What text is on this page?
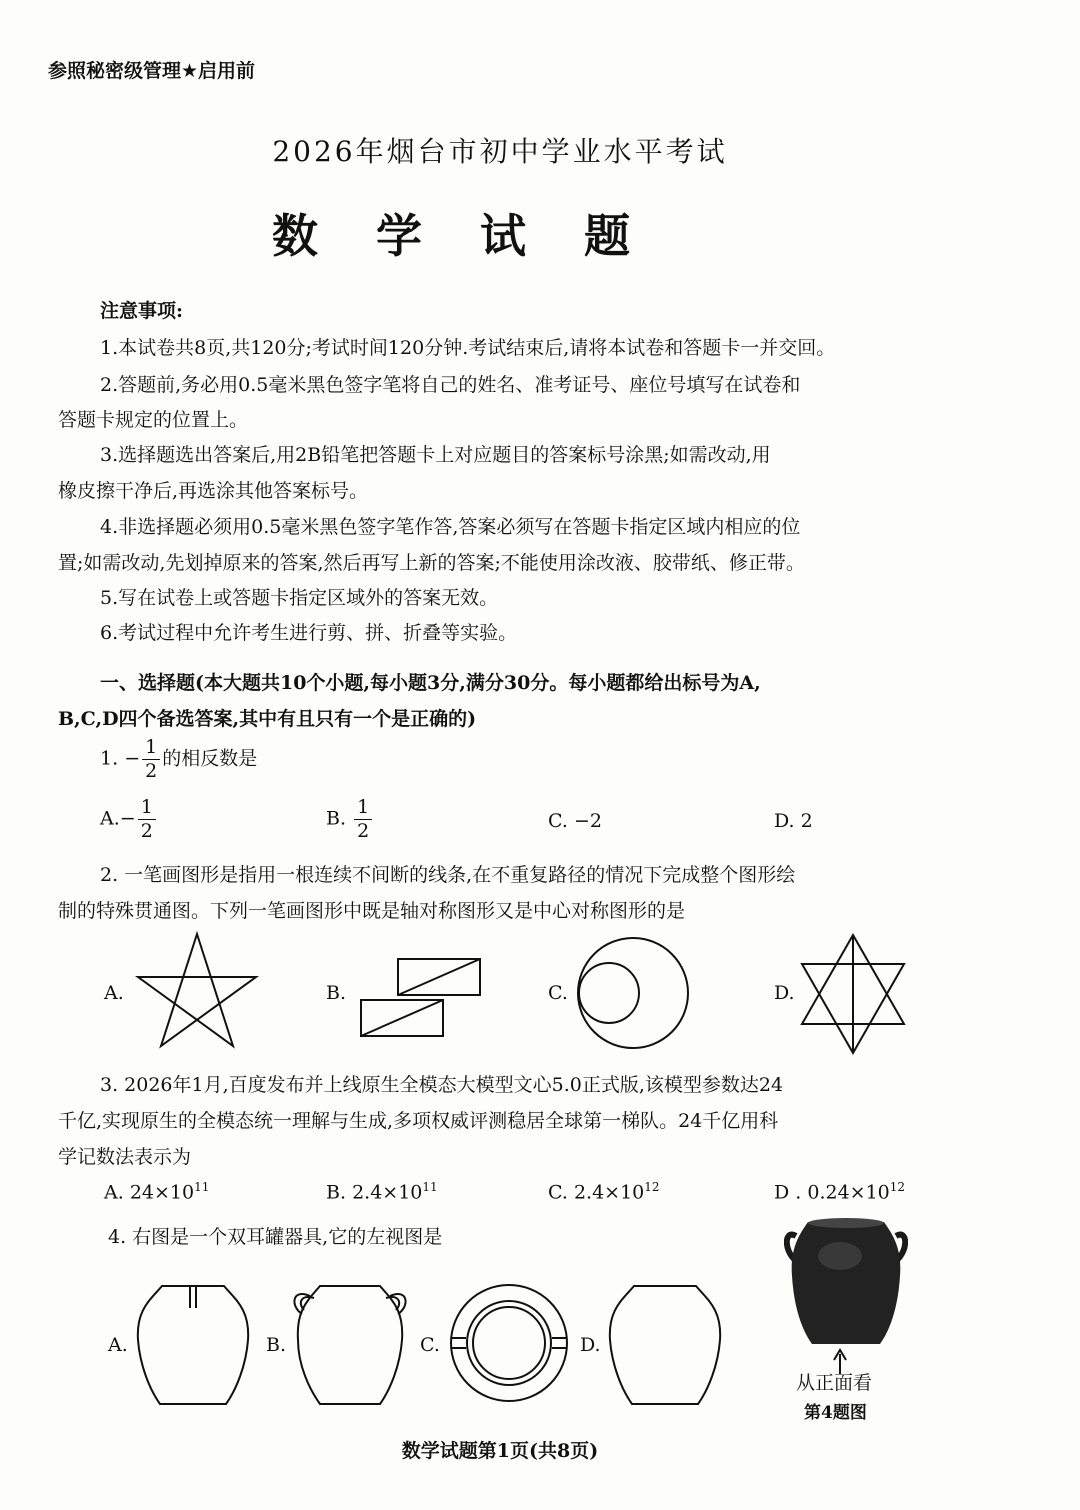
参照秘密级管理★启用前
2026年烟台市初中学业水平考试
数学试题
注意事项:
1.本试卷共8页,共120分;考试时间120分钟.考试结束后,请将本试卷和答题卡一并交回。
2.答题前,务必用0.5毫米黑色签字笔将自己的姓名、准考证号、座位号填写在试卷和
答题卡规定的位置上。
3.选择题选出答案后,用2B铅笔把答题卡上对应题目的答案标号涂黑;如需改动,用
橡皮擦干净后,再选涂其他答案标号。
4.非选择题必须用0.5毫米黑色签字笔作答,答案必须写在答题卡指定区域内相应的位
置;如需改动,先划掉原来的答案,然后再写上新的答案;不能使用涂改液、胶带纸、修正带。
5.写在试卷上或答题卡指定区域外的答案无效。
6.考试过程中允许考生进行剪、拼、折叠等实验。
一、选择题(本大题共10个小题,每小题3分,满分30分。每小题都给出标号为A,
B,C,D四个备选答案,其中有且只有一个是正确的)
1. − $\frac{1}{2}$ 的相反数是
$A.- \frac{1}{2}$	B. $\frac{1}{2}$	C. −2	D. 2
2. 一笔画图形是指用一根连续不间断的线条,在不重复路径的情况下完成整个图形绘
制的特殊贯通图。下列一笔画图形中既是轴对称图形又是中心对称图形的是
A.	B.	C.	D.
3. 2026年1月,百度发布并上线原生全模态大模型文心5.0正式版,该模型参数达24
千亿,实现原生的全模态统一理解与生成,多项权威评测稳居全球第一梯队。24千亿用科
学记数法表示为
A. $24\times 10^{11}$	B. $2.4\times 10^{11}$	C. $2.4\times 10^{12}$	D . $0.24\times 10^{12}$
4. 右图是一个双耳罐器具,它的左视图是
A.	B.	C.	D.
从正面看
第4题图
数学试题第1页(共8页)
